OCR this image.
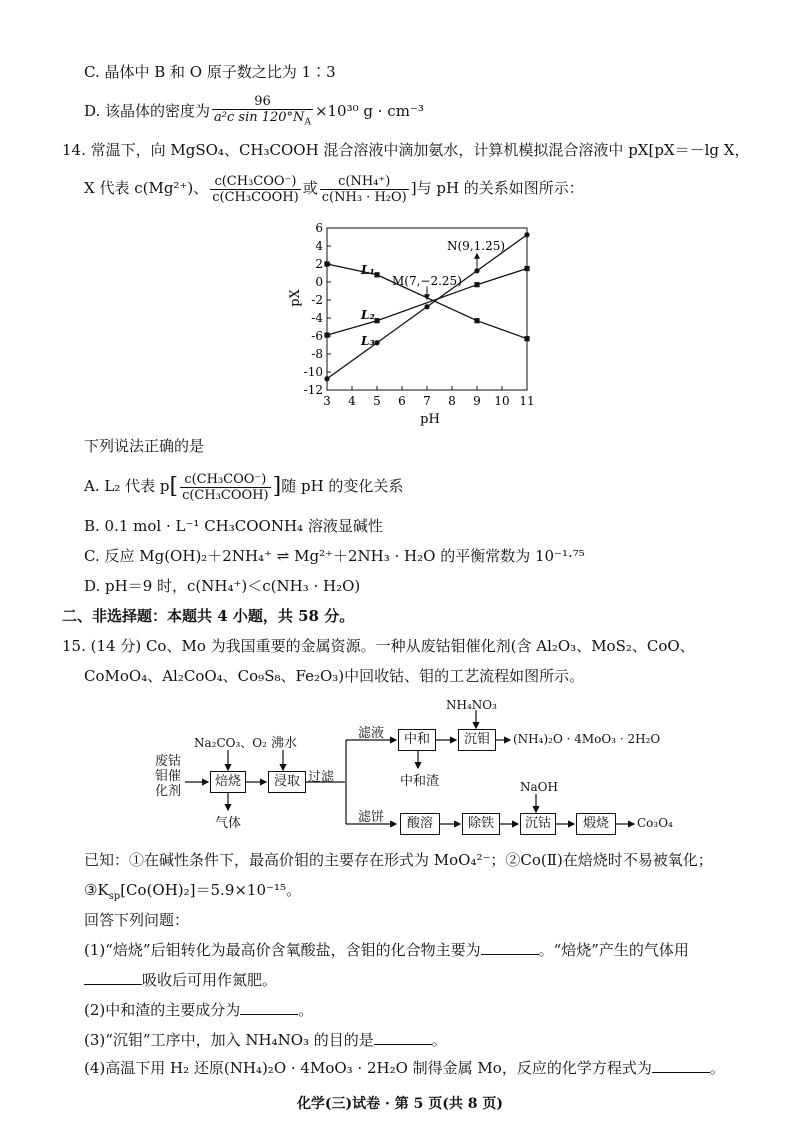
C. 晶体中 B 和 O 原子数之比为 1∶3
D. 该晶体的密度为 $\frac{96}{a^2c \sin 120^\circ N_A} \times 10^{30}$ g · cm⁻³
14. 常温下，向 MgSO₄、CH₃COOH 混合溶液中滴加氨水，计算机模拟混合溶液中 pX[pX＝－lg X，
X 代表 c(Mg²⁺)、 $\frac{\text{c(CH₃COO⁻)}}{\text{c(CH₃COOH)}}$ 或 $\frac{\text{c(NH₄⁺)}}{\text{c(NH₃ · H₂O)}}$ ]与 pH 的关系如图所示：
3 4 5 6 7 8 9 10 11
6
4
2
0
-2
-4
-6
-8
-10
-12
pX
pH
N(9,1.25)
M(7,−2.25)
L₁
L₂
L₃
下列说法正确的是
A. L₂ 代表 $p[ \frac{\text{c(CH₃COO⁻)}}{\text{c(CH₃COOH)}}$ ]随 pH 的变化关系
B. 0.1 mol · L⁻¹ CH₃COONH₄ 溶液显碱性
C. 反应 Mg(OH)₂＋2NH₄⁺ ⇌ Mg²⁺＋2NH₃ · H₂O 的平衡常数为 10⁻¹·⁷⁵
D. pH＝9 时，c(NH₄⁺)＜c(NH₃ · H₂O)
二、非选择题：本题共 4 小题，共 58 分。
15. (14 分) Co、Mo 为我国重要的金属资源。一种从废钴钼催化剂(含 Al₂O₃、MoS₂、CoO、
CoMoO₄、Al₂CoO₄、Co₉S₈、Fe₂O₃)中回收钴、钼的工艺流程如图所示。
废钴
钼催
化剂
Na₂CO₃、O₂ 沸水
焙烧
气体
浸取 过滤
滤液
滤饼
中和
中和渣
NH₄NO₃
沉钼	(NH₄)₂O · 4MoO₃ · 2H₂O
酸溶	除铁
NaOH
沉钴	煅烧	Co₃O₄
已知：①在碱性条件下，最高价钼的主要存在形式为 MoO₄²⁻；②Co(Ⅱ)在焙烧时不易被氧化；
$③K_{sp}[Co(OH)_2]=5.9\times 10^{-15}$。
回答下列问题：
(1)“焙烧”后钼转化为最高价含氧酸盐，含钼的化合物主要为	。“焙烧”产生的气体用
吸收后可用作氮肥。
(2)中和渣的主要成分为	。
(3)“沉钼”工序中，加入 NH₄NO₃ 的目的是	。
(4)高温下用 H₂ 还原(NH₄)₂O · 4MoO₃ · 2H₂O 制得金属 Mo，反应的化学方程式为	。
化学(三)试卷 · 第 5 页(共 8 页)
